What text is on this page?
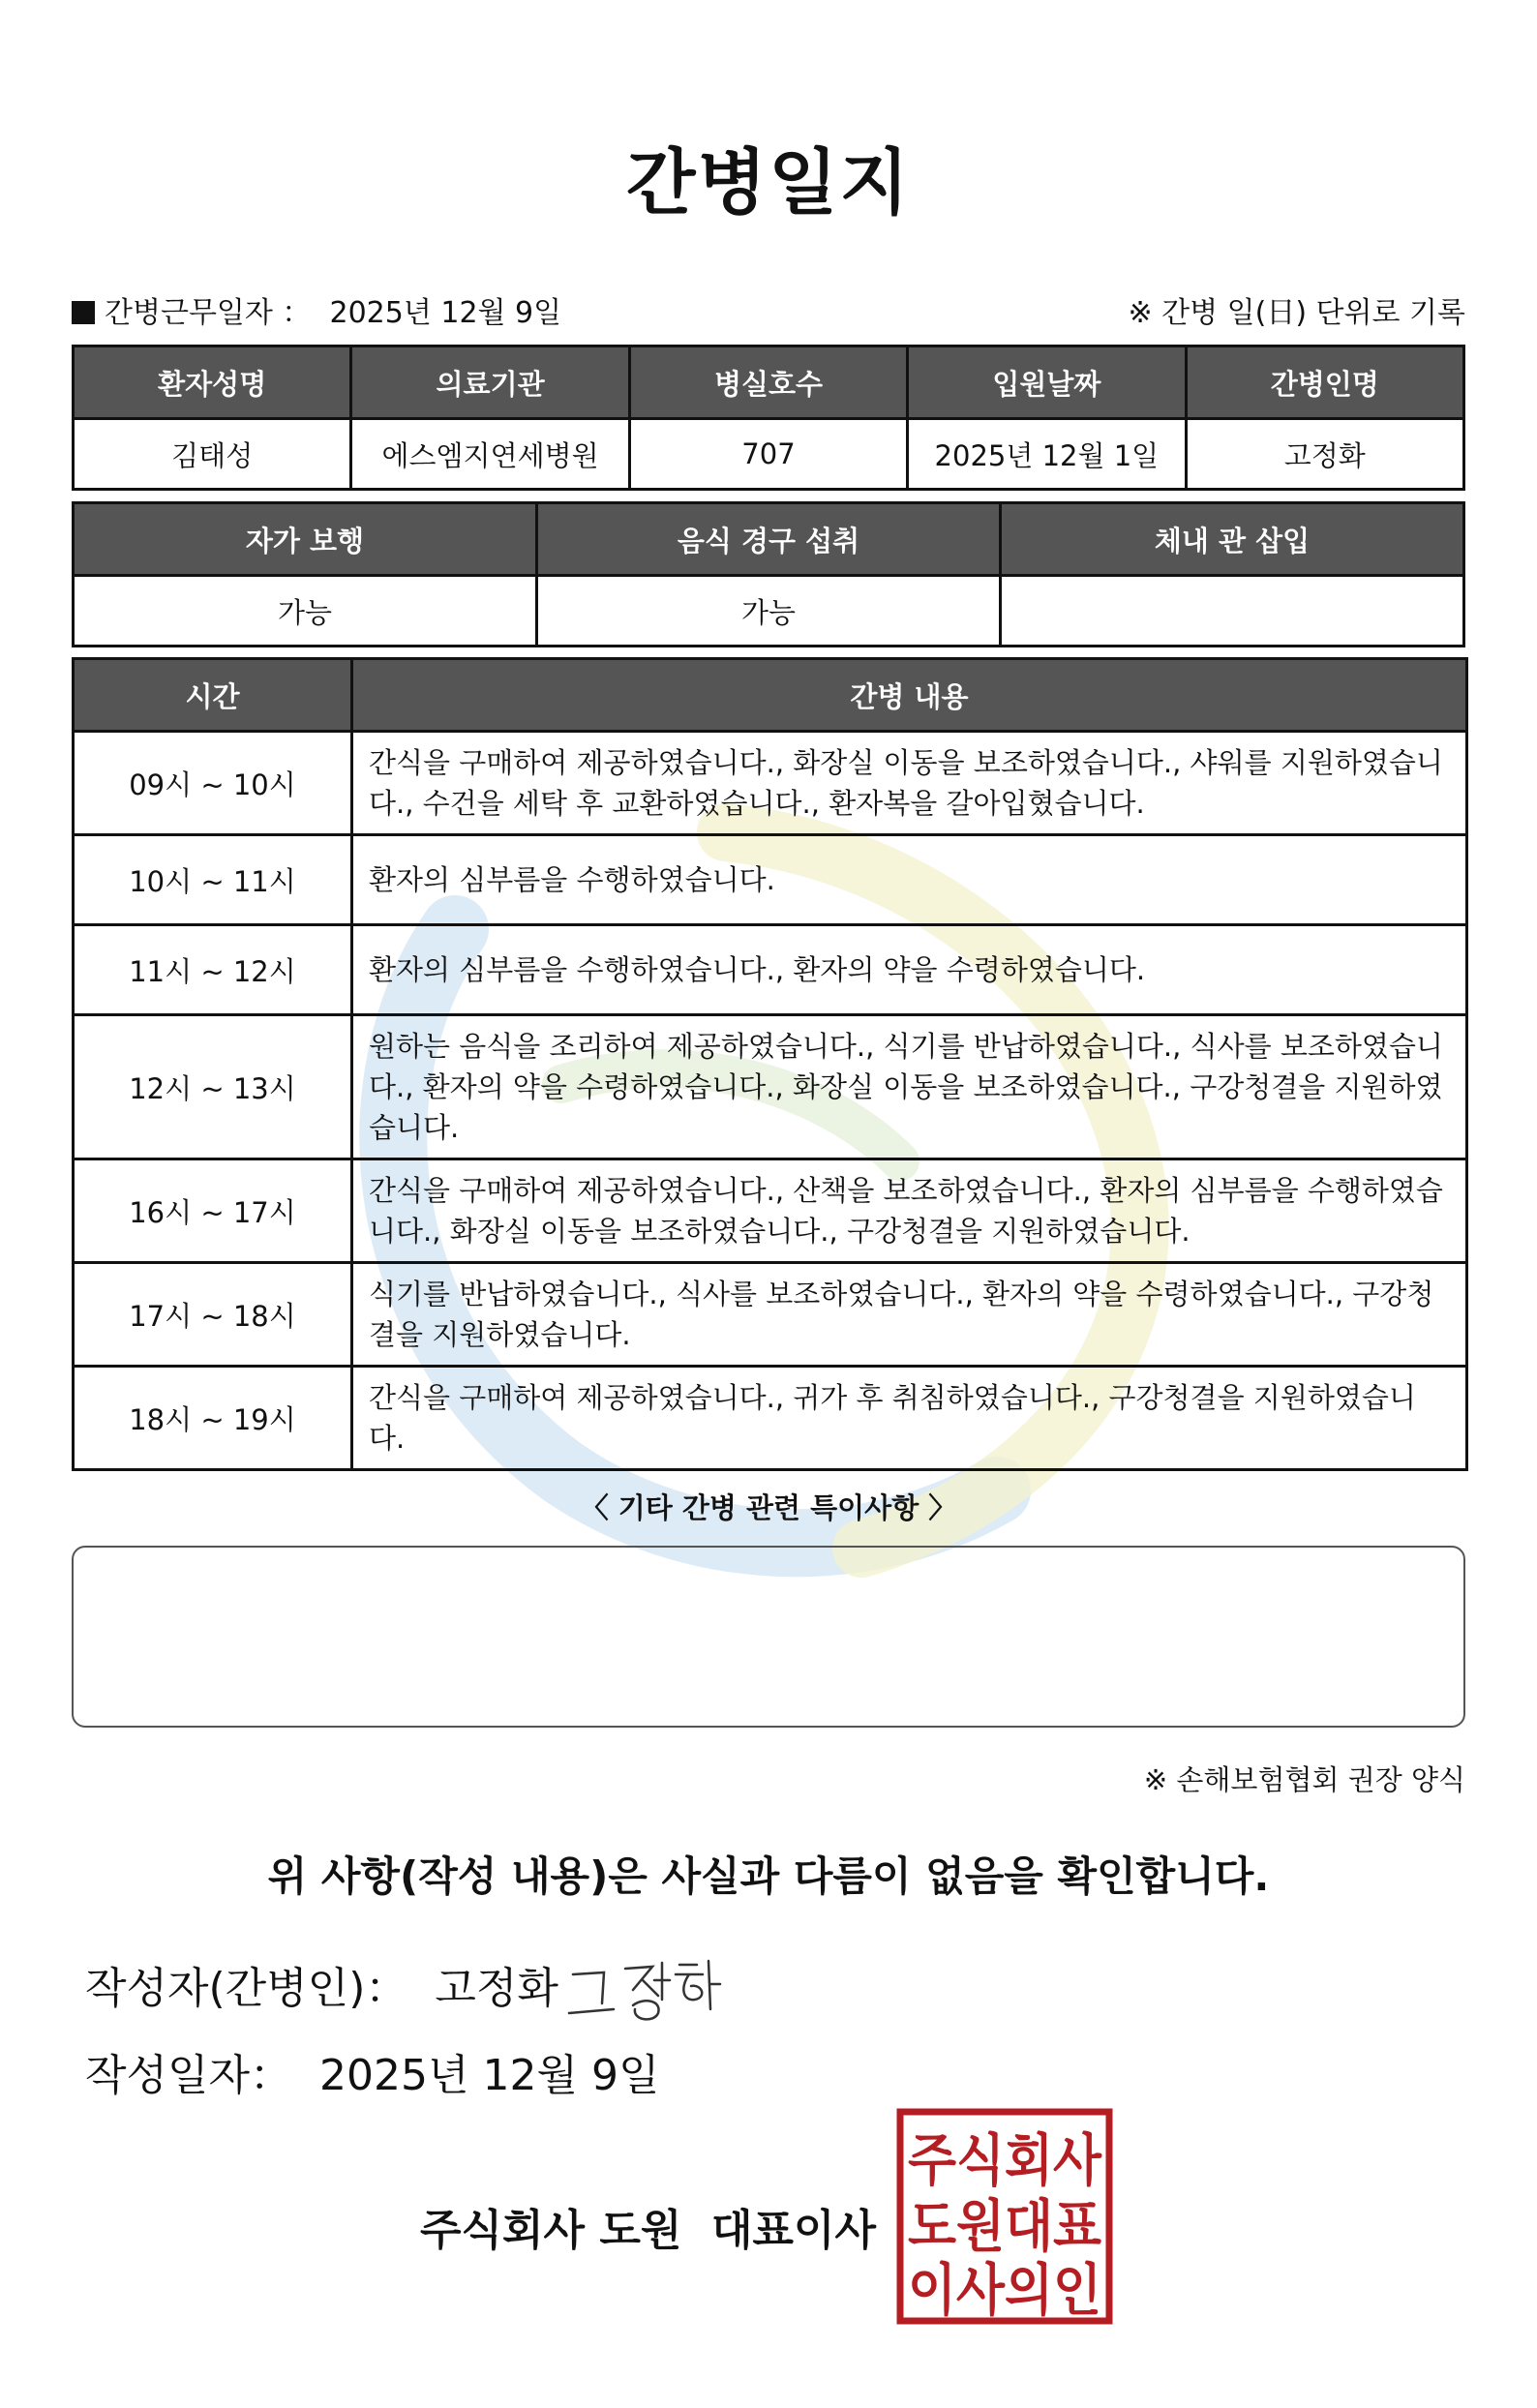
간병일지
간병근무일자 ： 2025년 12월 9일	※ 간병 일(日) 단위로 기록
환자성명	의료기관	병실호수	입원날짜	간병인명
김태성	에스엠지연세병원	707	2025년 12월 1일	고정화
자가 보행	음식 경구 섭취	체내 관 삽입
가능	가능	
시간	간병 내용
09시 ~ 10시	간식을 구매하여 제공하였습니다., 화장실 이동을 보조하였습니다., 샤워를 지원하였습니다., 수건을 세탁 후 교환하였습니다., 환자복을 갈아입혔습니다.
10시 ~ 11시	환자의 심부름을 수행하였습니다.
11시 ~ 12시	환자의 심부름을 수행하였습니다., 환자의 약을 수령하였습니다.
12시 ~ 13시	원하는 음식을 조리하여 제공하였습니다., 식기를 반납하였습니다., 식사를 보조하였습니다., 환자의 약을 수령하였습니다., 화장실 이동을 보조하였습니다., 구강청결을 지원하였습니다.
16시 ~ 17시	간식을 구매하여 제공하였습니다., 산책을 보조하였습니다., 환자의 심부름을 수행하였습니다., 화장실 이동을 보조하였습니다., 구강청결을 지원하였습니다.
17시 ~ 18시	식기를 반납하였습니다., 식사를 보조하였습니다., 환자의 약을 수령하였습니다., 구강청결을 지원하였습니다.
18시 ~ 19시	간식을 구매하여 제공하였습니다., 귀가 후 취침하였습니다., 구강청결을 지원하였습니다.
〈 기타 간병 관련 특이사항 〉
※ 손해보험협회 권장 양식
위 사항(작성 내용)은 사실과 다름이 없음을 확인합니다.
작성자(간병인)： 고정화
작성일자： 2025년 12월 9일
주식회사 도원  대표이사
주식회사
도원대표
이사의인
